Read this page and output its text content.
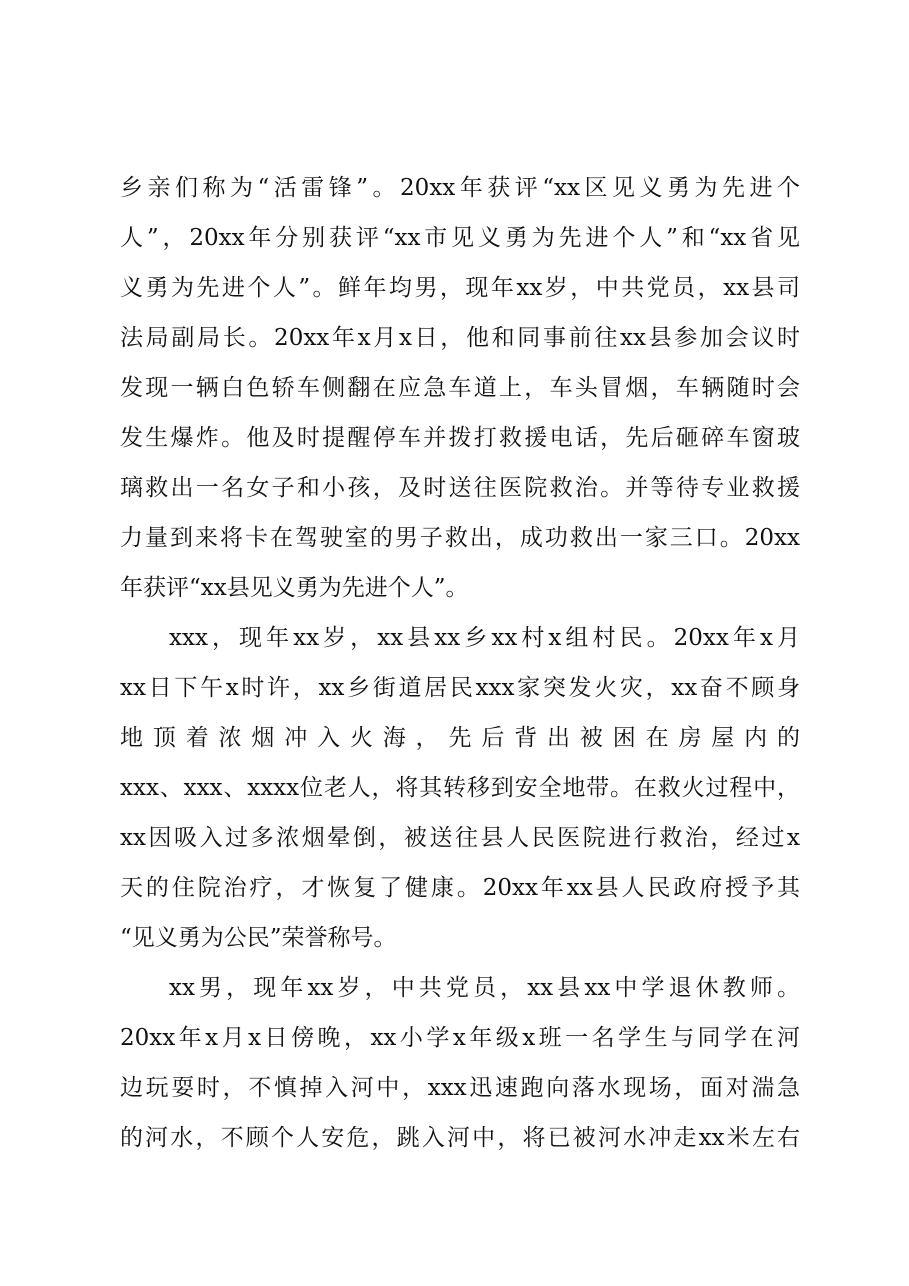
乡亲们称为“活雷锋”。20xx年获评“xx区见义勇为先进个
人”，20xx年分别获评“xx市见义勇为先进个人”和“xx省见
义勇为先进个人”。鲜年均男，现年xx岁，中共党员，xx县司
法局副局长。20xx年x月x日，他和同事前往xx县参加会议时
发现一辆白色轿车侧翻在应急车道上，车头冒烟，车辆随时会
发生爆炸。他及时提醒停车并拨打救援电话，先后砸碎车窗玻
璃救出一名女子和小孩，及时送往医院救治。并等待专业救援
力量到来将卡在驾驶室的男子救出，成功救出一家三口。20xx
年获评“xx县见义勇为先进个人”。
xxx，现年xx岁，xx县xx乡xx村x组村民。20xx年x月
xx日下午x时许，xx乡街道居民xxx家突发火灾，xx奋不顾身
地顶着浓烟冲入火海，先后背出被困在房屋内的
xxx、xxx、xxxx位老人，将其转移到安全地带。在救火过程中，
xx因吸入过多浓烟晕倒，被送往县人民医院进行救治，经过x
天的住院治疗，才恢复了健康。20xx年xx县人民政府授予其
“见义勇为公民”荣誉称号。
xx男，现年xx岁，中共党员，xx县xx中学退休教师。
20xx年x月x日傍晚，xx小学x年级x班一名学生与同学在河
边玩耍时，不慎掉入河中，xxx迅速跑向落水现场，面对湍急
的河水，不顾个人安危，跳入河中，将已被河水冲走xx米左右
